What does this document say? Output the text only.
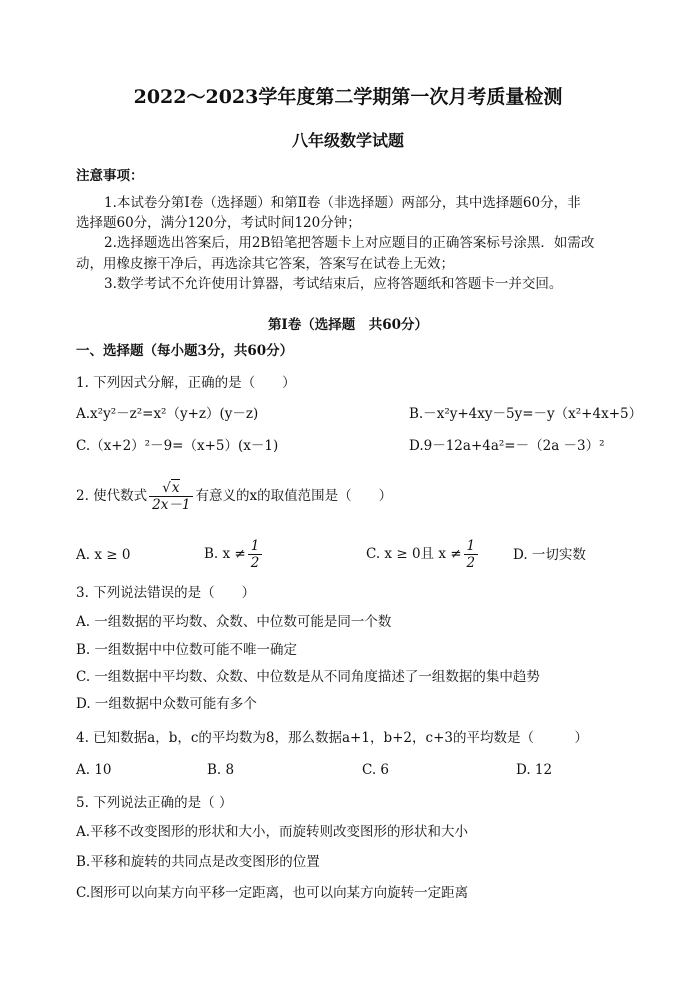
2022～2023学年度第二学期第一次月考质量检测
八年级数学试题
注意事项：
1.本试卷分第Ⅰ卷（选择题）和第Ⅱ卷（非选择题）两部分，其中选择题60分，非
选择题60分，满分120分，考试时间120分钟；
2.选择题选出答案后，用2B铅笔把答题卡上对应题目的正确答案标号涂黑．如需改
动，用橡皮擦干净后，再选涂其它答案，答案写在试卷上无效；
3.数学考试不允许使用计算器，考试结束后，应将答题纸和答题卡一并交回。
第Ⅰ卷（选择题　共60分）
一、选择题（每小题3分，共60分）
1. 下列因式分解，正确的是（　　）
A.x²y²－z²=x²（y+z）(y－z)	B.－x²y+4xy－5y=－y（x²+4x+5）
C.（x+2）²－9=（x+5）(x－1)	D.9－12a+4a²=－（2a －3）²
2. 使代数式 $\frac{√x}{2x-1}$ 有意义的x的取值范围是（　　）
A. x ≥ 0	B. $x \ne \frac{1}{2}$	C. x ≥ 0且 $x \ne \frac{1}{2}$	D. 一切实数
3. 下列说法错误的是（　　）
A. 一组数据的平均数、众数、中位数可能是同一个数
B. 一组数据中中位数可能不唯一确定
C. 一组数据中平均数、众数、中位数是从不同角度描述了一组数据的集中趋势
D. 一组数据中众数可能有多个
4. 已知数据a，b，c的平均数为8，那么数据a+1，b+2，c+3的平均数是（　　　）
A. 10	B. 8	C. 6	D. 12
5. 下列说法正确的是（ ）
A.平移不改变图形的形状和大小，而旋转则改变图形的形状和大小
B.平移和旋转的共同点是改变图形的位置
C.图形可以向某方向平移一定距离，也可以向某方向旋转一定距离
